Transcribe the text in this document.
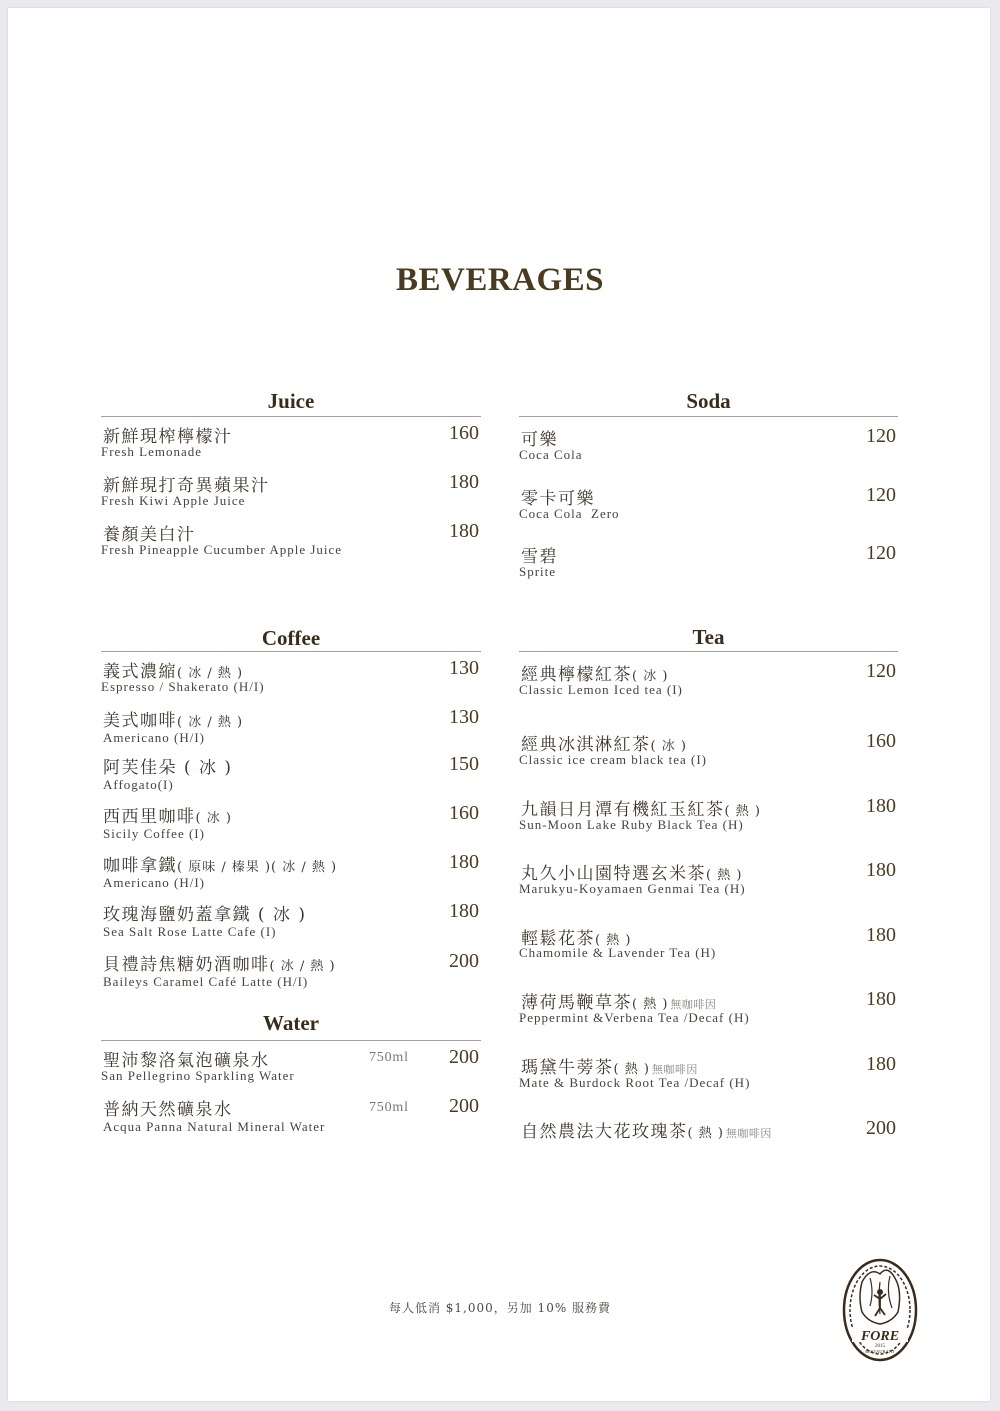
BEVERAGES
Juice
新鮮現榨檸檬汁
Fresh Lemonade
160
新鮮現打奇異蘋果汁
Fresh Kiwi Apple Juice
180
養顏美白汁
Fresh Pineapple Cucumber Apple Juice
180
Soda
可樂
Coca Cola
120
零卡可樂
Coca Cola  Zero
120
雪碧
Sprite
120
Coffee
義式濃縮( 冰 / 熱 )
Espresso / Shakerato (H/I)
130
美式咖啡( 冰 / 熱 )
Americano (H/I)
130
阿芙佳朵 ( 冰 )
Affogato(I)
150
西西里咖啡( 冰 )
Sicily Coffee (I)
160
咖啡拿鐵( 原味 / 榛果 )( 冰 / 熱 )
Americano (H/I)
180
玫瑰海鹽奶蓋拿鐵 ( 冰 )
Sea Salt Rose Latte Cafe (I)
180
貝禮詩焦糖奶酒咖啡( 冰 / 熱 )
Baileys Caramel Café Latte (H/I)
200
Water
聖沛黎洛氣泡礦泉水
San Pellegrino Sparkling Water
750ml 200
普納天然礦泉水
Acqua Panna Natural Mineral Water
750ml 200
Tea
經典檸檬紅茶( 冰 )
Classic Lemon Iced tea (I)
120
經典冰淇淋紅茶( 冰 )
Classic ice cream black tea (I)
160
九韻日月潭有機紅玉紅茶( 熱 )
Sun-Moon Lake Ruby Black Tea (H)
180
丸久小山園特選玄米茶( 熱 )
Marukyu-Koyamaen Genmai Tea (H)
180
輕鬆花茶( 熱 )
Chamomile & Lavender Tea (H)
180
薄荷馬鞭草茶( 熱 ) 無咖啡因
Peppermint &Verbena Tea /Decaf (H)
180
瑪黛牛蒡茶( 熱 ) 無咖啡因
Mate & Burdock Root Tea /Decaf (H)
180
自然農法大花玫瑰茶( 熱 ) 無咖啡因	200
每人低消 $1,000，另加 10% 服務費
FORE
2015
RESTAURANT
